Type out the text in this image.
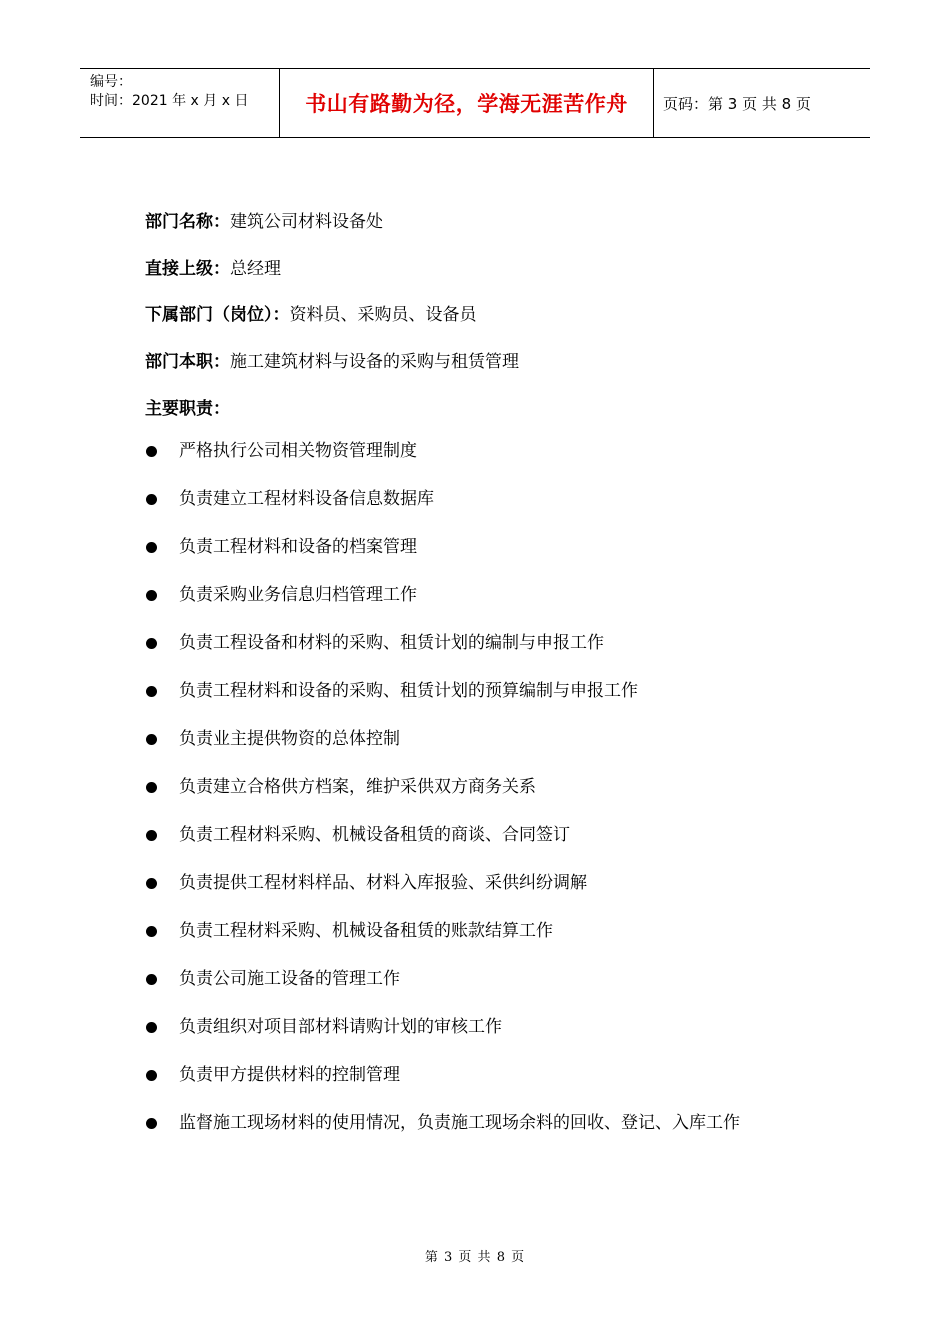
编号：
时间：2021 年 x 月 x 日	书山有路勤为径，学海无涯苦作舟	页码：第 3 页 共 8 页
部门名称：建筑公司材料设备处
直接上级：总经理
下属部门（岗位）：资料员、采购员、设备员
部门本职：施工建筑材料与设备的采购与租赁管理
主要职责：
严格执行公司相关物资管理制度
负责建立工程材料设备信息数据库
负责工程材料和设备的档案管理
负责采购业务信息归档管理工作
负责工程设备和材料的采购、租赁计划的编制与申报工作
负责工程材料和设备的采购、租赁计划的预算编制与申报工作
负责业主提供物资的总体控制
负责建立合格供方档案，维护采供双方商务关系
负责工程材料采购、机械设备租赁的商谈、合同签订
负责提供工程材料样品、材料入库报验、采供纠纷调解
负责工程材料采购、机械设备租赁的账款结算工作
负责公司施工设备的管理工作
负责组织对项目部材料请购计划的审核工作
负责甲方提供材料的控制管理
监督施工现场材料的使用情况，负责施工现场余料的回收、登记、入库工作
第 3 页 共 8 页
